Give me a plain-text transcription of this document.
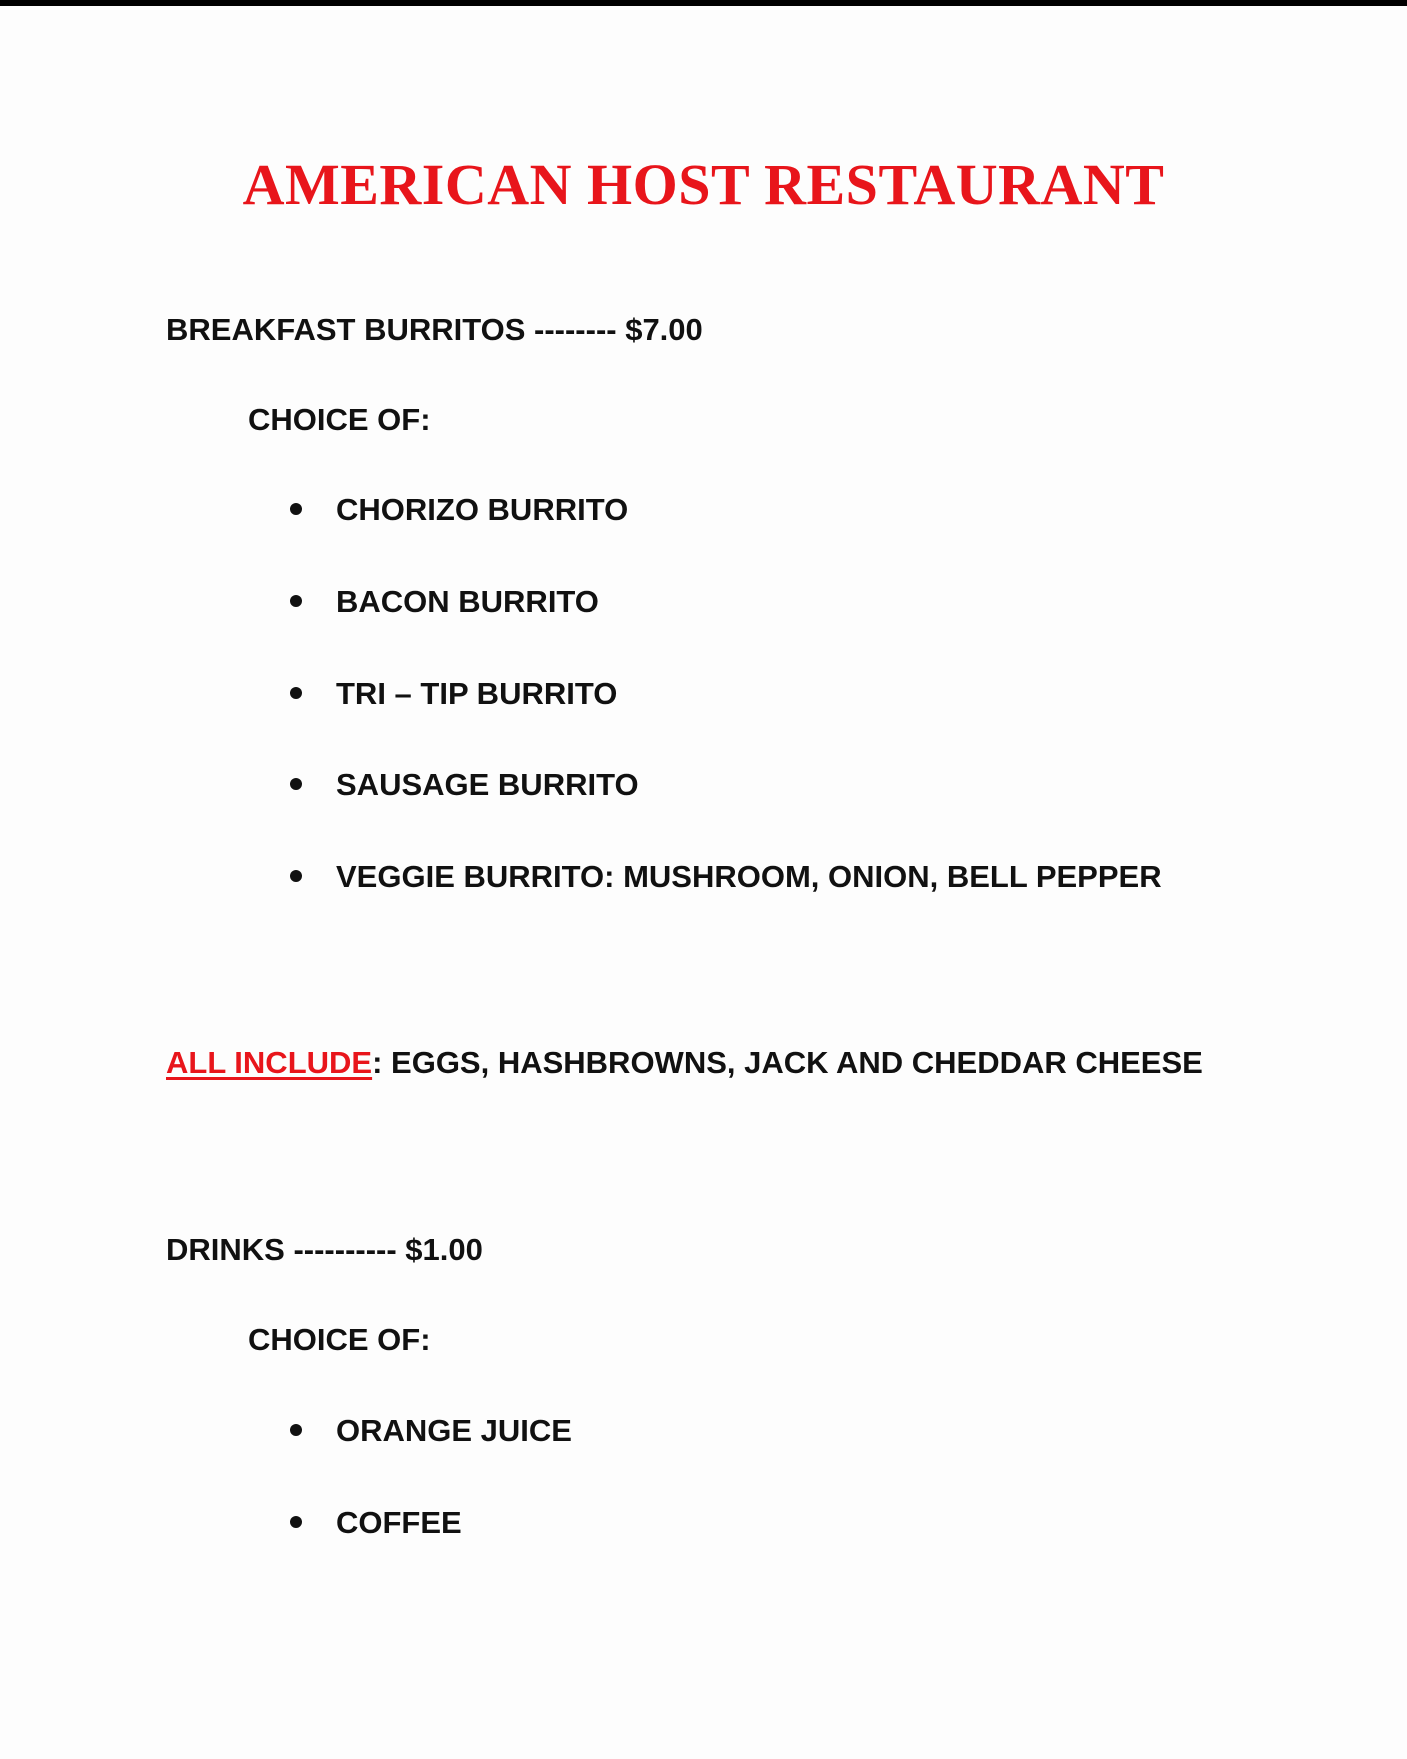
AMERICAN HOST RESTAURANT
BREAKFAST BURRITOS -------- $7.00
CHOICE OF:
CHORIZO BURRITO
BACON BURRITO
TRI – TIP BURRITO
SAUSAGE BURRITO
VEGGIE BURRITO: MUSHROOM, ONION, BELL PEPPER
ALL INCLUDE: EGGS, HASHBROWNS, JACK AND CHEDDAR CHEESE
DRINKS ---------- $1.00
CHOICE OF:
ORANGE JUICE
COFFEE
